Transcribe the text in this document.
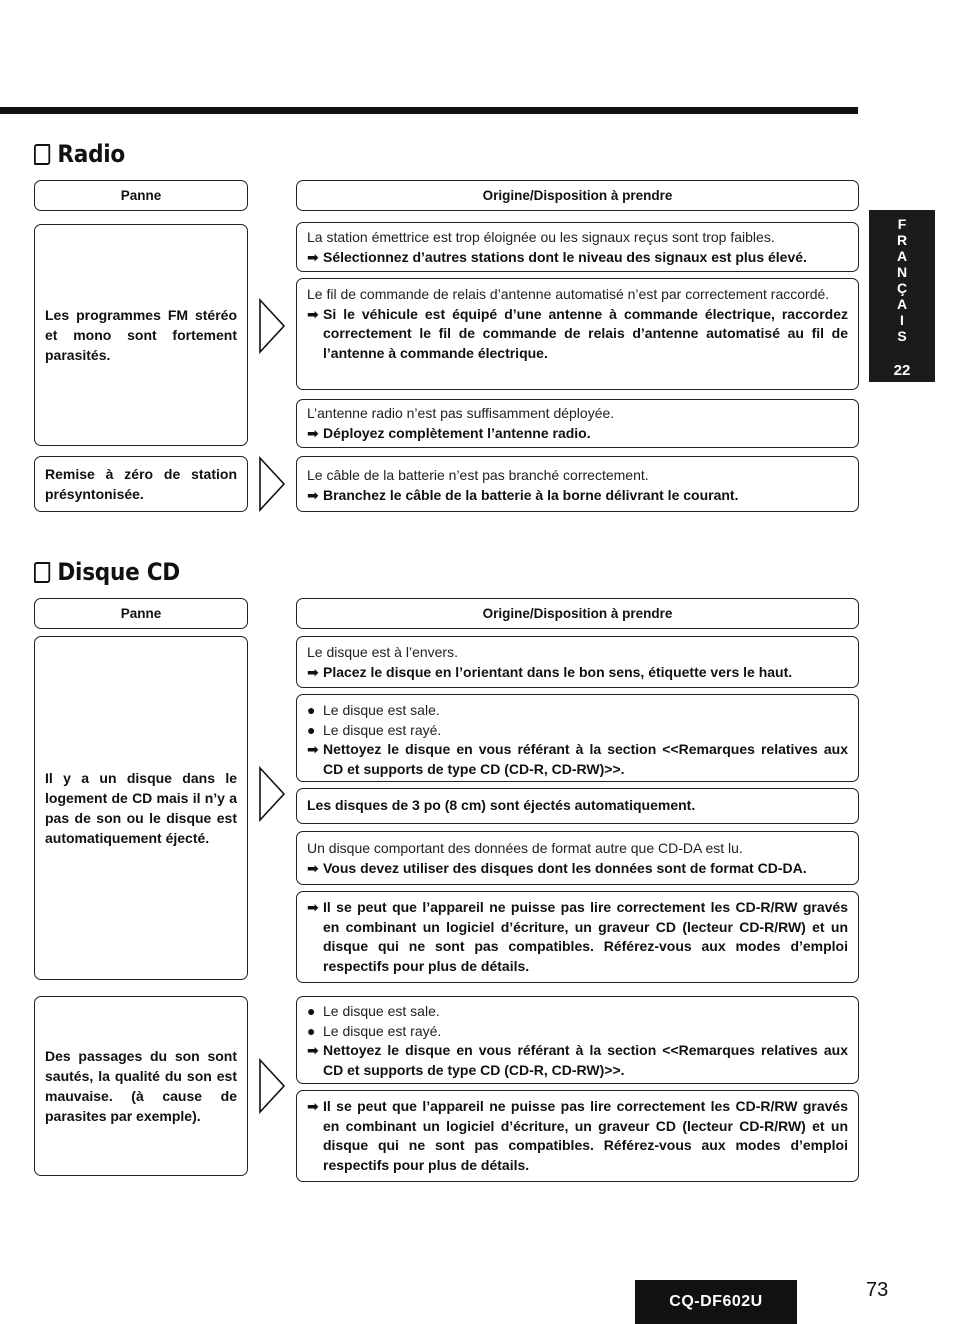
F
R
A
N
Ç
A
I
S
22
Radio
Panne	Origine/Disposition à prendre
Les programmes FM stéréo et mono sont fortement parasités.
Remise à zéro de station présyntonisée.
La station émettrice est trop éloignée ou les signaux reçus sont trop faibles.
➡ Sélectionnez d’autres stations dont le niveau des signaux est plus élevé.
Le fil de commande de relais d’antenne automatisé n’est par correctement raccordé.
➡ Si le véhicule est équipé d’une antenne à commande électrique, raccordez correctement le fil de commande de relais d’antenne automatisé au fil de l’antenne à commande électrique.
L’antenne radio n’est pas suffisamment déployée.
➡ Déployez complètement l’antenne radio.
Le câble de la batterie n’est pas branché correctement.
➡ Branchez le câble de la batterie à la borne délivrant le courant.
Disque CD
Panne	Origine/Disposition à prendre
Il y a un disque dans le logement de CD mais il n’y a pas de son ou le disque est automatiquement éjecté.
Des passages du son sont sautés, la qualité du son est mauvaise. (à cause de parasites par exemple).
Le disque est à l’envers.
➡ Placez le disque en l’orientant dans le bon sens, étiquette vers le haut.
● Le disque est sale.
● Le disque est rayé.
➡ Nettoyez le disque en vous référant à la section <<Remarques relatives aux CD et supports de type CD (CD-R, CD-RW)>>.
Les disques de 3 po (8 cm) sont éjectés automatiquement.
Un disque comportant des données de format autre que CD-DA est lu.
➡ Vous devez utiliser des disques dont les données sont de format CD-DA.
➡ Il se peut que l’appareil ne puisse pas lire correctement les CD-R/RW gravés en combinant un logiciel d’écriture, un graveur CD (lecteur CD-R/RW) et un disque qui ne sont pas compatibles. Référez-vous aux modes d’emploi respectifs pour plus de détails.
● Le disque est sale.
● Le disque est rayé.
➡ Nettoyez le disque en vous référant à la section <<Remarques relatives aux CD et supports de type CD (CD-R, CD-RW)>>.
➡ Il se peut que l’appareil ne puisse pas lire correctement les CD-R/RW gravés en combinant un logiciel d’écriture, un graveur CD (lecteur CD-R/RW) et un disque qui ne sont pas compatibles. Référez-vous aux modes d’emploi respectifs pour plus de détails.
CQ-DF602U
73
